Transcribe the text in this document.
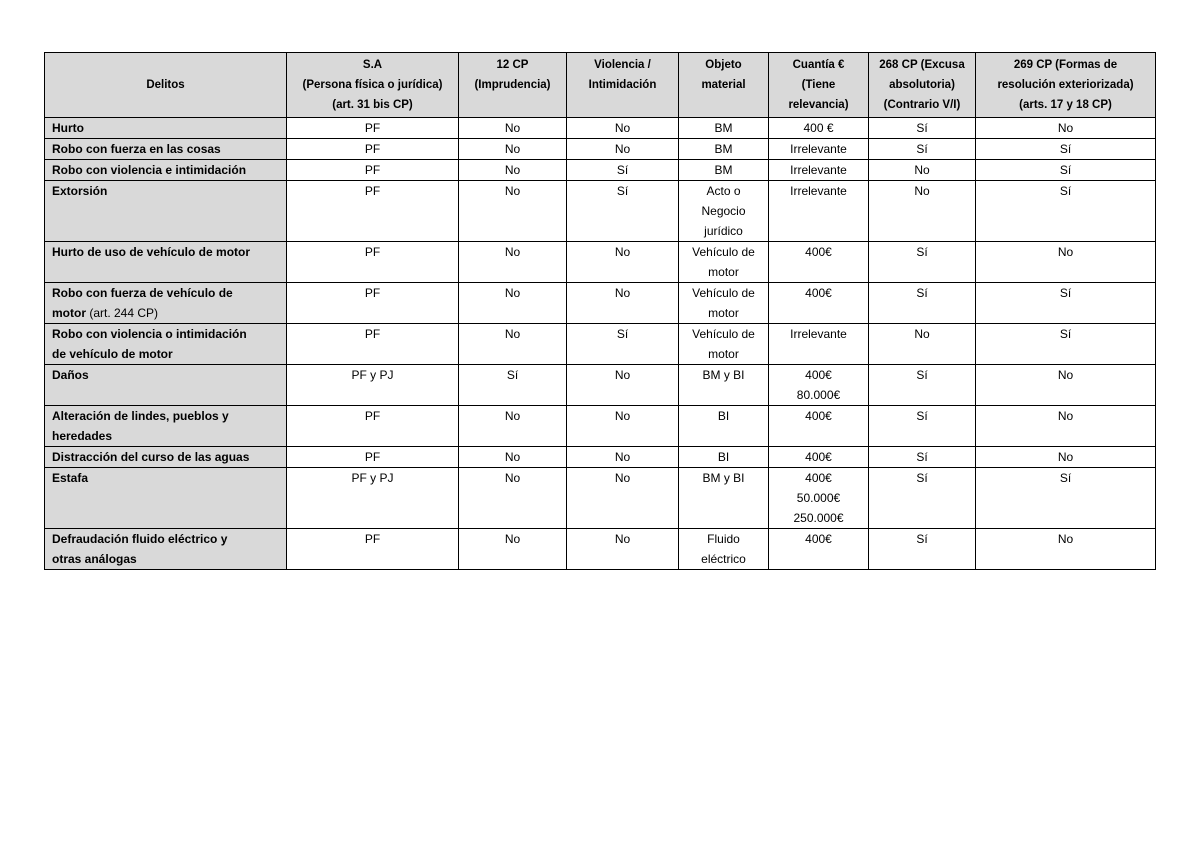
Delitos	S.A
(Persona física o jurídica)
(art. 31 bis CP)	12 CP
(Imprudencia)	Violencia /
Intimidación	Objeto
material	Cuantía €
(Tiene
relevancia)	268 CP (Excusa
absolutoria)
(Contrario V/I)	269 CP (Formas de
resolución exteriorizada)
(arts. 17 y 18 CP)

Hurto	PF	No	No	BM	400 €	Sí	No

Robo con fuerza en las cosas	PF	No	No	BM	Irrelevante	Sí	Sí

Robo con violencia e intimidación	PF	No	Sí	BM	Irrelevante	No	Sí

Extorsión	PF	No	Sí	Acto o
Negocio
jurídico	Irrelevante	No	Sí

Hurto de uso de vehículo de motor	PF	No	No	Vehículo de
motor	400€	Sí	No

Robo con fuerza de vehículo de
motor (art. 244 CP)	PF	No	No	Vehículo de
motor	400€	Sí	Sí

Robo con violencia o intimidación
de vehículo de motor	PF	No	Sí	Vehículo de
motor	Irrelevante	No	Sí

Daños	PF y PJ	Sí	No	BM y BI	400€
80.000€	Sí	No

Alteración de lindes, pueblos y
heredades	PF	No	No	BI	400€	Sí	No

Distracción del curso de las aguas	PF	No	No	BI	400€	Sí	No

Estafa	PF y PJ	No	No	BM y BI	400€
50.000€
250.000€	Sí	Sí

Defraudación fluido eléctrico y
otras análogas	PF	No	No	Fluido
eléctrico	400€	Sí	No
